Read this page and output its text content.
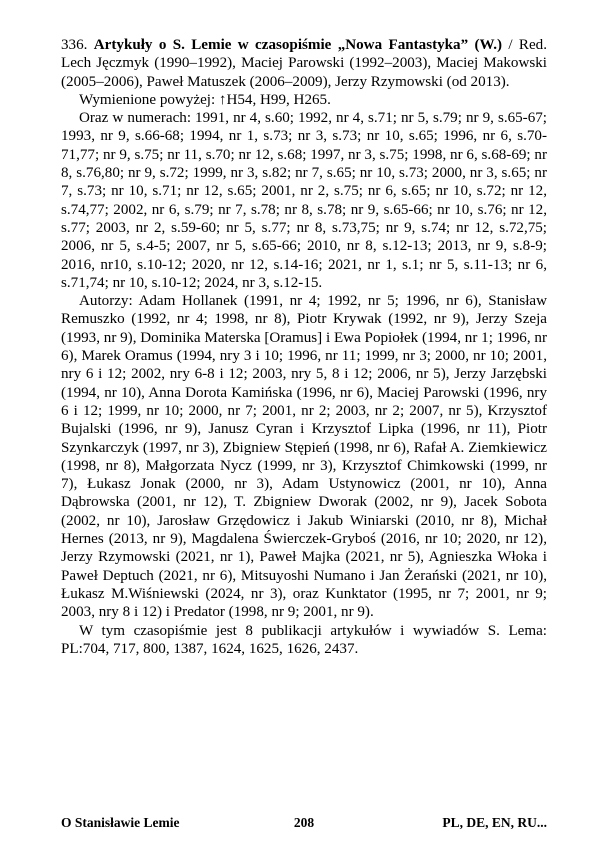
336. Artykuły o S. Lemie w czasopiśmie „Nowa Fantastyka” (W.) / Red. Lech Jęczmyk (1990–1992), Maciej Parowski (1992–2003), Maciej Makowski (2005–2006), Paweł Matuszek (2006–2009), Jerzy Rzymowski (od 2013).

Wymienione powyżej: ↑H54, H99, H265.

Oraz w numerach: 1991, nr 4, s.60; 1992, nr 4, s.71; nr 5, s.79; nr 9, s.65-67; 1993, nr 9, s.66-68; 1994, nr 1, s.73; nr 3, s.73; nr 10, s.65; 1996, nr 6, s.70-71,77; nr 9, s.75; nr 11, s.70; nr 12, s.68; 1997, nr 3, s.75; 1998, nr 6, s.68-69; nr 8, s.76,80; nr 9, s.72; 1999, nr 3, s.82; nr 7, s.65; nr 10, s.73; 2000, nr 3, s.65; nr 7, s.73; nr 10, s.71; nr 12, s.65; 2001, nr 2, s.75; nr 6, s.65; nr 10, s.72; nr 12, s.74,77; 2002, nr 6, s.79; nr 7, s.78; nr 8, s.78; nr 9, s.65-66; nr 10, s.76; nr 12, s.77; 2003, nr 2, s.59-60; nr 5, s.77; nr 8, s.73,75; nr 9, s.74; nr 12, s.72,75; 2006, nr 5, s.4-5; 2007, nr 5, s.65-66; 2010, nr 8, s.12-13; 2013, nr 9, s.8-9; 2016, nr10, s.10-12; 2020, nr 12, s.14-16; 2021, nr 1, s.1; nr 5, s.11-13; nr 6, s.71,74; nr 10, s.10-12; 2024, nr 3, s.12-15.

Autorzy: Adam Hollanek (1991, nr 4; 1992, nr 5; 1996, nr 6), Stanisław Remuszko (1992, nr 4; 1998, nr 8), Piotr Krywak (1992, nr 9), Jerzy Szeja (1993, nr 9), Dominika Materska [Oramus] i Ewa Popiołek (1994, nr 1; 1996, nr 6), Marek Oramus (1994, nry 3 i 10; 1996, nr 11; 1999, nr 3; 2000, nr 10; 2001, nry 6 i 12; 2002, nry 6-8 i 12; 2003, nry 5, 8 i 12; 2006, nr 5), Jerzy Jarzębski (1994, nr 10), Anna Dorota Kamińska (1996, nr 6), Maciej Parowski (1996, nry 6 i 12; 1999, nr 10; 2000, nr 7; 2001, nr 2; 2003, nr 2; 2007, nr 5), Krzysztof Bujalski (1996, nr 9), Janusz Cyran i Krzysztof Lipka (1996, nr 11), Piotr Szynkarczyk (1997, nr 3), Zbigniew Stępień (1998, nr 6), Rafał A. Ziemkiewicz (1998, nr 8), Małgorzata Nycz (1999, nr 3), Krzysztof Chimkowski (1999, nr 7), Łukasz Jonak (2000, nr 3), Adam Ustynowicz (2001, nr 10), Anna Dąbrowska (2001, nr 12), T. Zbigniew Dworak (2002, nr 9), Jacek Sobota (2002, nr 10), Jarosław Grzędowicz i Jakub Winiarski (2010, nr 8), Michał Hernes (2013, nr 9), Magdalena Świerczek-Gryboś (2016, nr 10; 2020, nr 12), Jerzy Rzymowski (2021, nr 1), Paweł Majka (2021, nr 5), Agnieszka Włoka i Paweł Deptuch (2021, nr 6), Mitsuyoshi Numano i Jan Żerański (2021, nr 10), Łukasz M.Wiśniewski (2024, nr 3), oraz Kunktator (1995, nr 7; 2001, nr 9; 2003, nry 8 i 12) i Predator (1998, nr 9; 2001, nr 9).

W tym czasopiśmie jest 8 publikacji artykułów i wywiadów S. Lema: PL:704, 717, 800, 1387, 1624, 1625, 1626, 2437.

O Stanisławie Lemie	208	PL, DE, EN, RU...
